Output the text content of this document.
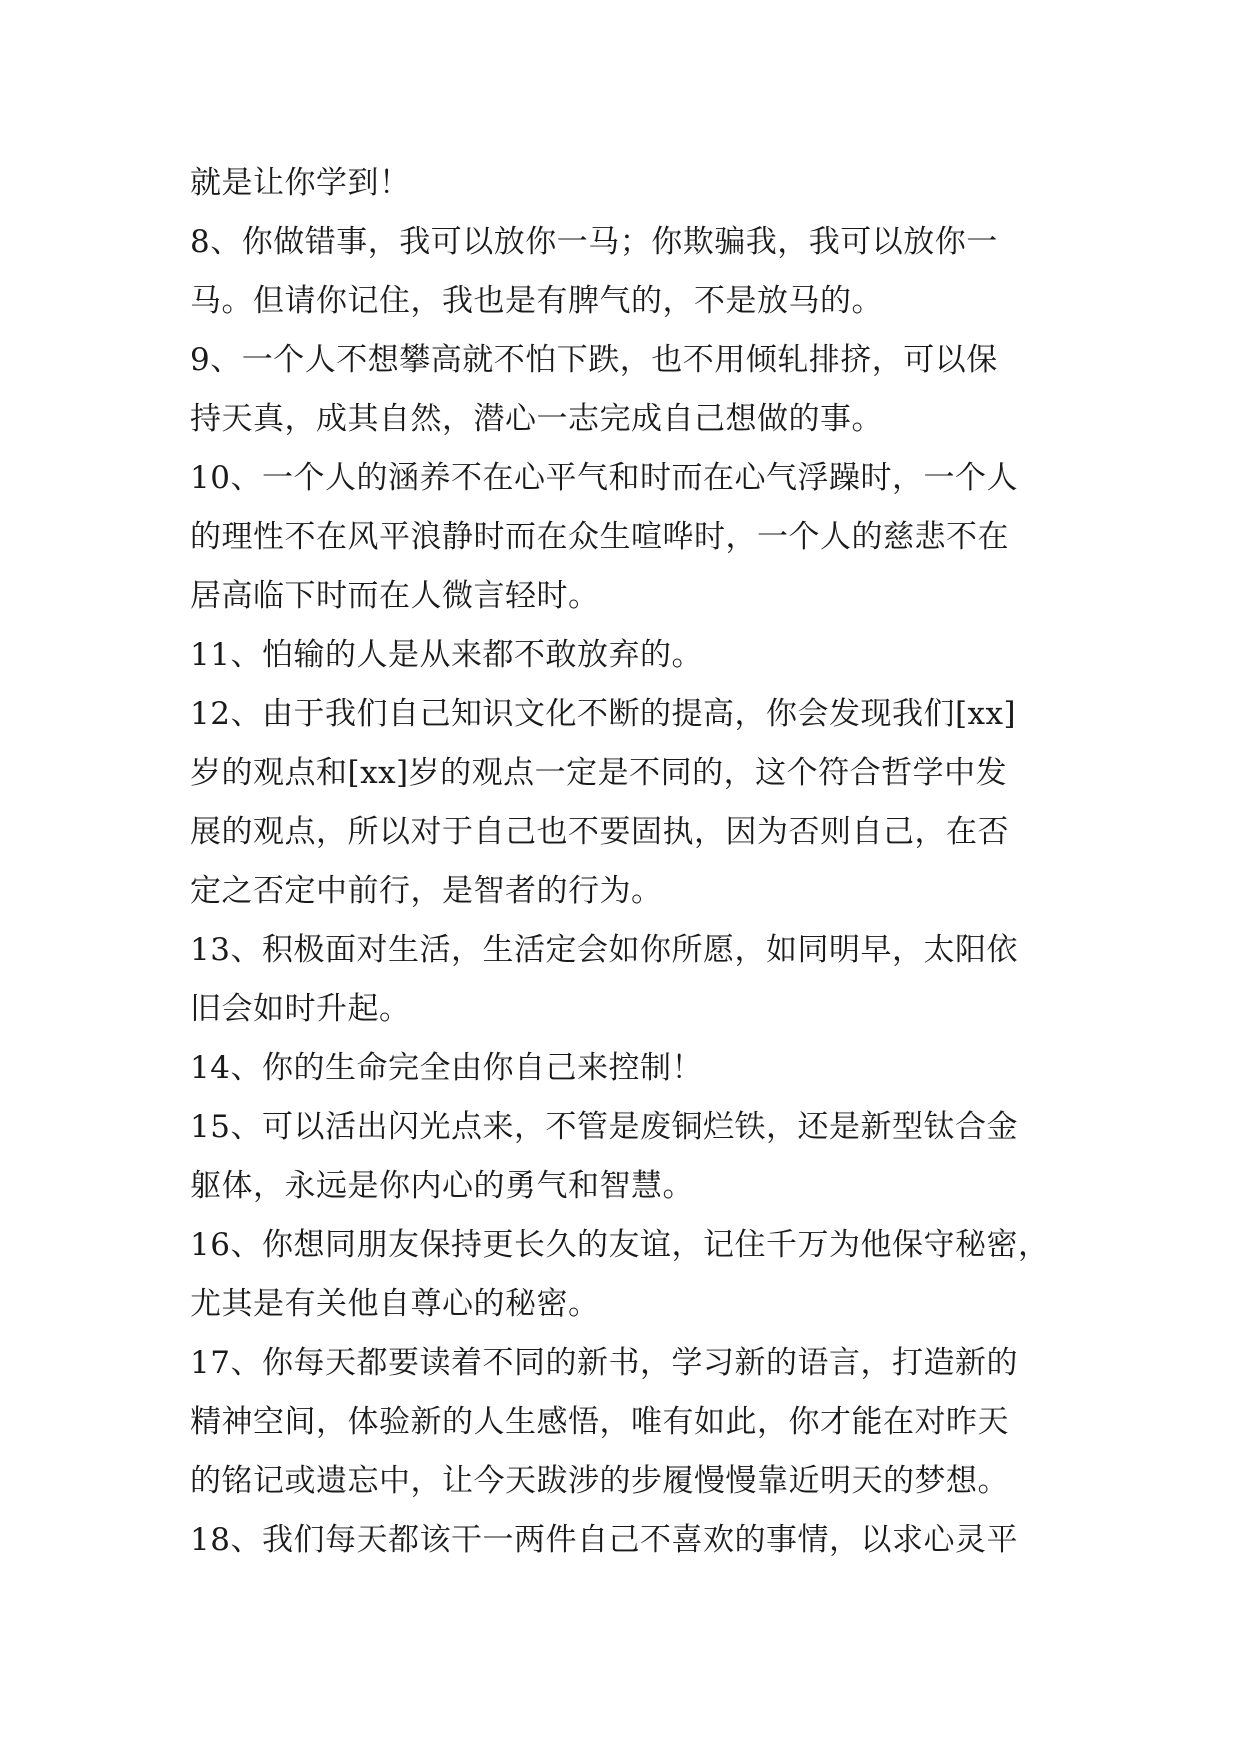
就是让你学到！
8、你做错事，我可以放你一马；你欺骗我，我可以放你一
马。但请你记住，我也是有脾气的，不是放马的。
9、一个人不想攀高就不怕下跌，也不用倾轧排挤，可以保
持天真，成其自然，潜心一志完成自己想做的事。
10、一个人的涵养不在心平气和时而在心气浮躁时，一个人
的理性不在风平浪静时而在众生喧哗时，一个人的慈悲不在
居高临下时而在人微言轻时。
11、怕输的人是从来都不敢放弃的。
12、由于我们自己知识文化不断的提高，你会发现我们[xx]
岁的观点和[xx]岁的观点一定是不同的，这个符合哲学中发
展的观点，所以对于自己也不要固执，因为否则自己，在否
定之否定中前行，是智者的行为。
13、积极面对生活，生活定会如你所愿，如同明早，太阳依
旧会如时升起。
14、你的生命完全由你自己来控制！
15、可以活出闪光点来，不管是废铜烂铁，还是新型钛合金
躯体，永远是你内心的勇气和智慧。
16、你想同朋友保持更长久的友谊，记住千万为他保守秘密，
尤其是有关他自尊心的秘密。
17、你每天都要读着不同的新书，学习新的语言，打造新的
精神空间，体验新的人生感悟，唯有如此，你才能在对昨天
的铭记或遗忘中，让今天跋涉的步履慢慢靠近明天的梦想。
18、我们每天都该干一两件自己不喜欢的事情，以求心灵平
